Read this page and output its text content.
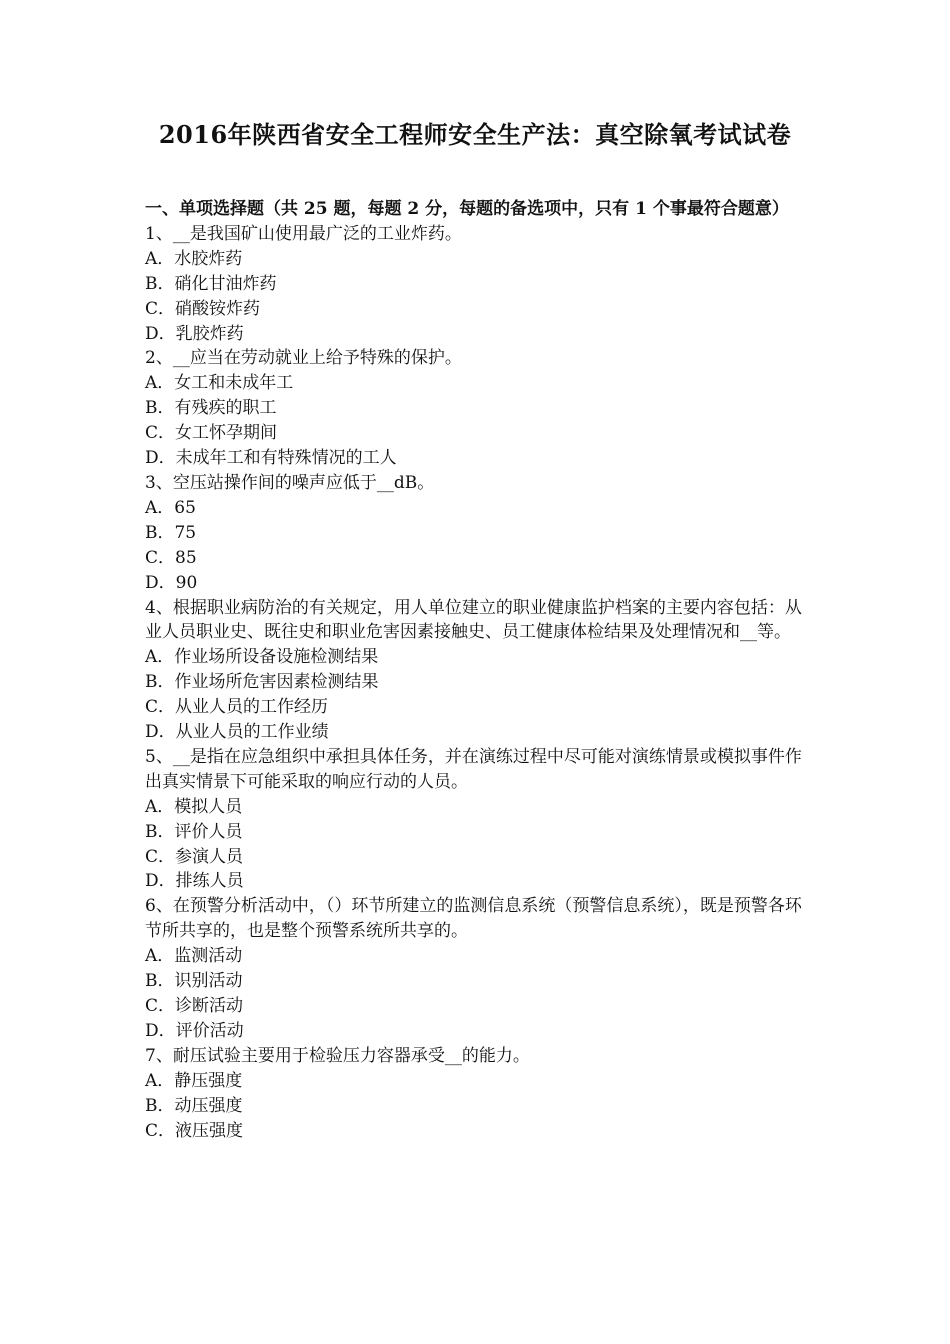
2016年陕西省安全工程师安全生产法：真空除氧考试试卷
一、单项选择题（共 25 题，每题 2 分，每题的备选项中，只有 1 个事最符合题意）
1、__是我国矿山使用最广泛的工业炸药。
A．水胶炸药
B．硝化甘油炸药
C．硝酸铵炸药
D．乳胶炸药
2、__应当在劳动就业上给予特殊的保护。
A．女工和未成年工
B．有残疾的职工
C．女工怀孕期间
D．未成年工和有特殊情况的工人
3、空压站操作间的噪声应低于__dB。
A．65
B．75
C．85
D．90
4、根据职业病防治的有关规定，用人单位建立的职业健康监护档案的主要内容包括：从业人员职业史、既往史和职业危害因素接触史、员工健康体检结果及处理情况和__等。
A．作业场所设备设施检测结果
B．作业场所危害因素检测结果
C．从业人员的工作经历
D．从业人员的工作业绩
5、__是指在应急组织中承担具体任务，并在演练过程中尽可能对演练情景或模拟事件作出真实情景下可能采取的响应行动的人员。
A．模拟人员
B．评价人员
C．参演人员
D．排练人员
6、在预警分析活动中，（）环节所建立的监测信息系统（预警信息系统），既是预警各环节所共享的，也是整个预警系统所共享的。
A．监测活动
B．识别活动
C．诊断活动
D．评价活动
7、耐压试验主要用于检验压力容器承受__的能力。
A．静压强度
B．动压强度
C．液压强度
